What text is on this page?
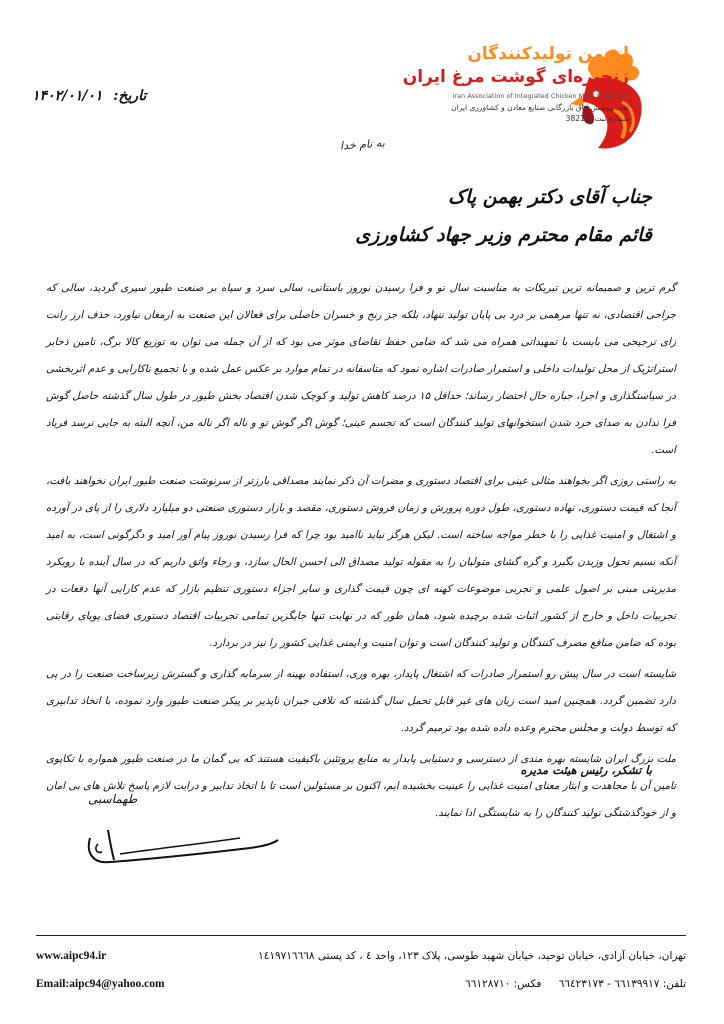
تاریخ: ۱۴۰۲/۰۱/۰۱
انجمن تولیدکنندگان
زنجیره‌ای گوشت مرغ ایران
Iran Association of Integrated Chicken Meat Producers
تحت پوشش اتاق بازرگانی صنایع معادن و کشاورزی ایران
شماره ثبت: 38219
به نام خدا
جناب آقای دکتر بهمن پاک
قائم مقام محترم وزیر جهاد کشاورزی

گرم ترین و صمیمانه ترین تبریکات به مناسبت سال نو و فرا رسیدن نوروز باستانی، سالی سرد و سیاه بر صنعت طیور سپری گردید، سالی که جراحی اقتصادی، نه تنها مرهمی بر درد بی پایان تولید ننهاد، بلکه جز رنج و خسران حاصلی برای فعالان این صنعت به ارمغان نیاورد، حذف ارز رانت زای ترجیحی می بایست با تمهیداتی همراه می شد که ضامن حفظ تقاضای موثر می بود که از آن جمله می توان به توزیع کالا برگ، تامین ذخایر استراتژیک از محل تولیدات داخلی و استمرار صادرات اشاره نمود که متاسفانه در تمام موارد بر عکس عمل شده و با تجمیع ناکارایی و عدم اثربخشی در سیاستگذاری و اجرا، جباره حال احتضار رساند؛ حداقل ۱۵ درصد کاهش تولید و کوچک شدن اقتصاد بخش طیور در طول سال گذشته حاصل گوش فرا ندادن به صدای خرد شدن استخوانهای تولید کنندگان است که تجسم عینی؛ گوش اگر گوش تو و ناله اگر ناله من، آنچه البته به جایی نرسد فریاد است.

به راستی روزی اگر بخواهند مثالی عینی برای اقتصاد دستوری و مضرات آن ذکر نمایند مصداقی بارزتر از سرنوشت صنعت طیور ایران نخواهند یافت، آنجا که قیمت دستوری، نهاده دستوری، طول دوره پرورش و زمان فروش دستوری، مقصد و بازار دستوری صنعتی دو میلیارد دلاری را از پای در آورده و اشتغال و امنیت غذایی را با خطر مواجه ساخته است. لیکن هرگز نباید ناامید بود چرا که فرا رسیدن نوروز پیام آور امید و دگرگونی است، به امید آنکه نسیم تحول وزیدن بگیرد و گره گشای متولیان را به مقوله تولید مصداق الی احسن الحال سازد، و رجاء واثق داریم که در سال آینده با رویکرد مدیریتی مبنی بر اصول علمی و تجربی موضوعات کهنه ای چون قیمت گذاری و سایر اجزاء دستوری تنظیم بازار که عدم کارایی آنها دفعات در تجربیات داخل و خارج از کشور اثبات شده برچیده شود، همان طور که در نهایت تنها جایگزین تمامی تجربیات اقتصاد دستوری فضای پویای رقابتی بوده که ضامن منافع مصرف کنندگان و تولید کنندگان است و توان امنیت و ایمنی غذایی کشور را نیز در بردارد.

شایسته است در سال پیش رو استمرار صادرات که اشتغال پایدار، بهره وری، استفاده بهینه از سرمایه گذاری و گسترش زیرساخت صنعت را در پی دارد تضمین گردد. همچنین امید است زیان های غیر قابل تحمل سال گذشته که تلافی جبران ناپذیر بر پیکر صنعت طیور وارد نموده، با اتخاذ تدابیری که توسط دولت و مجلس محترم وعده داده شده بود ترمیم گردد.

ملت بزرگ ایران شایسته بهره مندی از دسترسی و دستیابی پایدار به منابع پروتئین باکیفیت هستند که بی گمان ما در صنعت طیور همواره با تکاپوی تامین آن با مجاهدت و ایثار معنای امنیت غذایی را عینیت بخشیده ایم، اکنون بر مسئولین است تا با اتخاذ تدابیر و درایت لازم پاسخ تلاش های بی امان و از خودگذشتگی تولید کنندگان را به شایستگی ادا نمایند.

با تشکر، رئیس هیئت مدیره
طهماسبی
تهران، خیابان آزادی، خیابان توحید، خیابان شهید طوسی، پلاک ۱۲۳، واحد ٤ ، کد پستی ۱٤۱۹۷۱٦٦٦۸
تلفن: ٦٦۱۳۹۹۱۷ - ٦٦٤۲۳۱۷۳ فکس: ٦٦۱۲۸۷۱۰
www.aipc94.ir
Email:aipc94@yahoo.com
